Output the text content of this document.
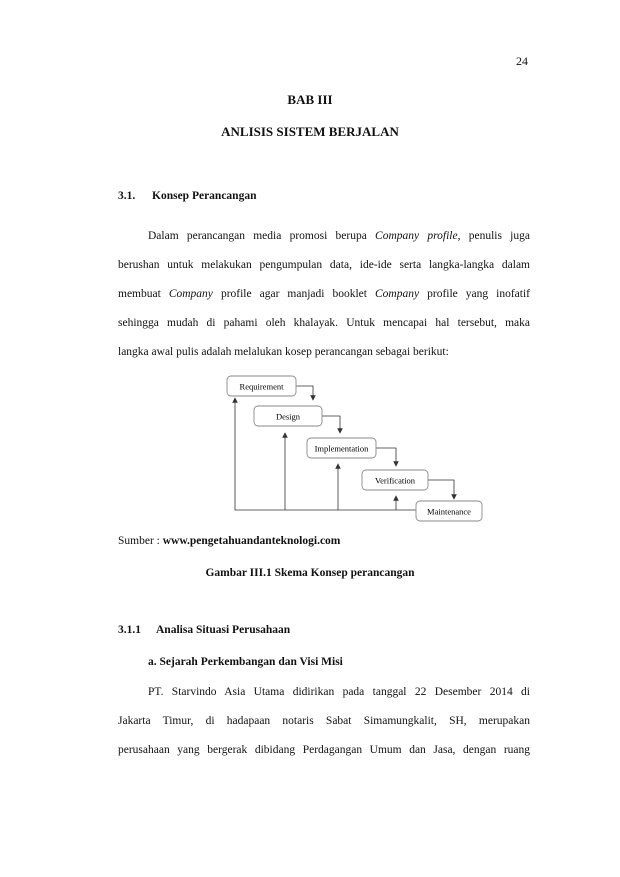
24
BAB III
ANLISIS SISTEM BERJALAN
3.1. Konsep Perancangan
Dalam perancangan media promosi berupa Company profile, penulis juga
berushan untuk melakukan pengumpulan data, ide-ide serta langka-langka dalam
membuat Company profile agar manjadi booklet Company profile yang inofatif
sehingga mudah di pahami oleh khalayak. Untuk mencapai hal tersebut, maka
langka awal pulis adalah melalukan kosep perancangan sebagai berikut:
Requirement
Design
Implementation
Verification
Maintenance
Sumber : www.pengetahuandanteknologi.com
Gambar III.1 Skema Konsep perancangan
3.1.1 Analisa Situasi Perusahaan
a. Sejarah Perkembangan dan Visi Misi
PT. Starvindo Asia Utama didirikan pada tanggal 22 Desember 2014 di
Jakarta Timur, di hadapaan notaris Sabat Simamungkalit, SH, merupakan
perusahaan yang bergerak dibidang Perdagangan Umum dan Jasa, dengan ruang
